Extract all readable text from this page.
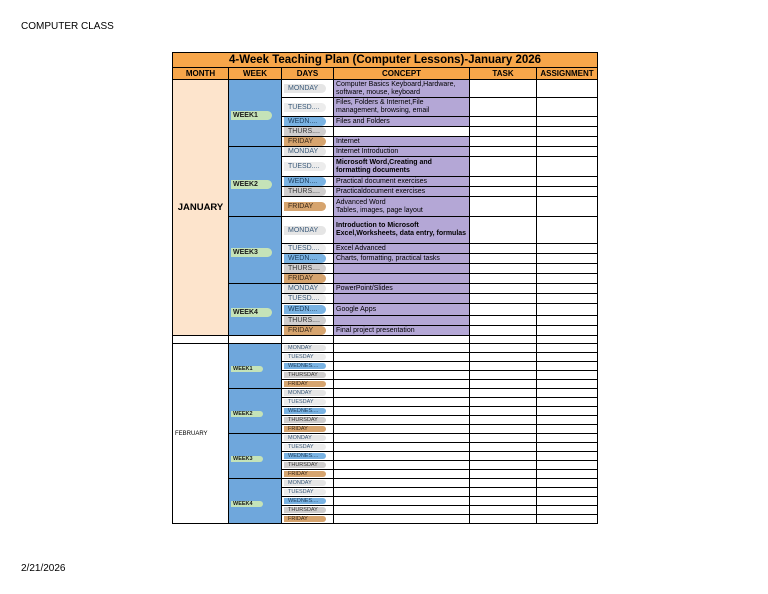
COMPUTER CLASS
4-Week Teaching Plan (Computer Lessons)-January 2026					
MONTH	WEEK	DAYS	CONCEPT	TASK	ASSIGNMENT
JANUARY	WEEK1	MONDAY	Computer Basics Keyboard,Hardware, software, mouse, keyboard		

		TUESD....	Files, Folders & Internet,File management, browsing, email		

		WEDN....	Files and Folders		

		THURS....			

		FRIDAY	Internet		
	WEEK2	MONDAY	Internet Introduction		

		TUESD....	Microsoft Word,Creating and formatting documents		

		WEDN....	Practical document exercises		

		THURS....	Practicaldocument exercises		

		FRIDAY	Advanced Word
Tables, images, page layout		
	WEEK3	MONDAY	Introduction to Microsoft Excel,Worksheets, data entry, formulas		

		TUESD....	Excel Advanced		

		WEDN....	Charts, formatting, practical tasks		

		THURS....			

		FRIDAY			

	WEEK4	MONDAY	PowerPoint/Slides		

		TUESD....			

		WEDN....	Google Apps		

		THURS....			

		FRIDAY	Final project presentation		

FEBRUARY	WEEK1	MONDAY			

		TUESDAY			

		WEDNES....			

		THURSDAY			

		FRIDAY			

	WEEK2	MONDAY			

		TUESDAY			

		WEDNES....			

		THURSDAY			

		FRIDAY			

	WEEK3	MONDAY			

		TUESDAY			

		WEDNES....			

		THURSDAY			

		FRIDAY			

	WEEK4	MONDAY			

		TUESDAY			

		WEDNES....			

		THURSDAY			

		FRIDAY			

2/21/2026
